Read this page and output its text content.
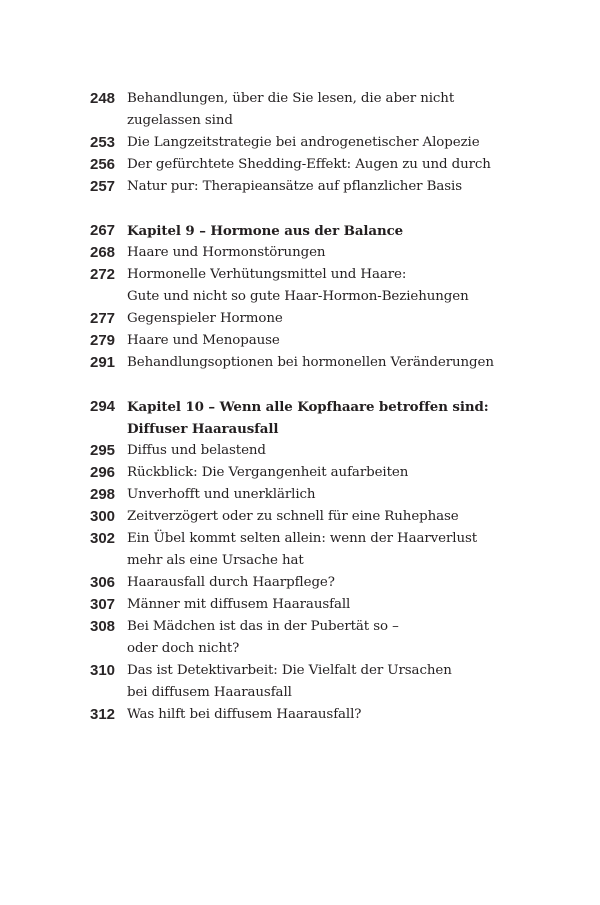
248 Behandlungen, über die Sie lesen, die aber nicht
zugelassen sind
253 Die Langzeitstrategie bei androgenetischer Alopezie
256 Der gefürchtete Shedding-Effekt: Augen zu und durch
257 Natur pur: Therapieansätze auf pflanzlicher Basis
267 Kapitel 9 – Hormone aus der Balance
268 Haare und Hormonstörungen
272 Hormonelle Verhütungsmittel und Haare:
Gute und nicht so gute Haar-Hormon-Beziehungen
277 Gegenspieler Hormone
279 Haare und Menopause
291 Behandlungsoptionen bei hormonellen Veränderungen
294 Kapitel 10 – Wenn alle Kopfhaare betroffen sind:
Diffuser Haarausfall
295 Diffus und belastend
296 Rückblick: Die Vergangenheit aufarbeiten
298 Unverhofft und unerklärlich
300 Zeitverzögert oder zu schnell für eine Ruhephase
302 Ein Übel kommt selten allein: wenn der Haarverlust
mehr als eine Ursache hat
306 Haarausfall durch Haarpflege?
307 Männer mit diffusem Haarausfall
308 Bei Mädchen ist das in der Pubertät so –
oder doch nicht?
310 Das ist Detektivarbeit: Die Vielfalt der Ursachen
bei diffusem Haarausfall
312 Was hilft bei diffusem Haarausfall?
